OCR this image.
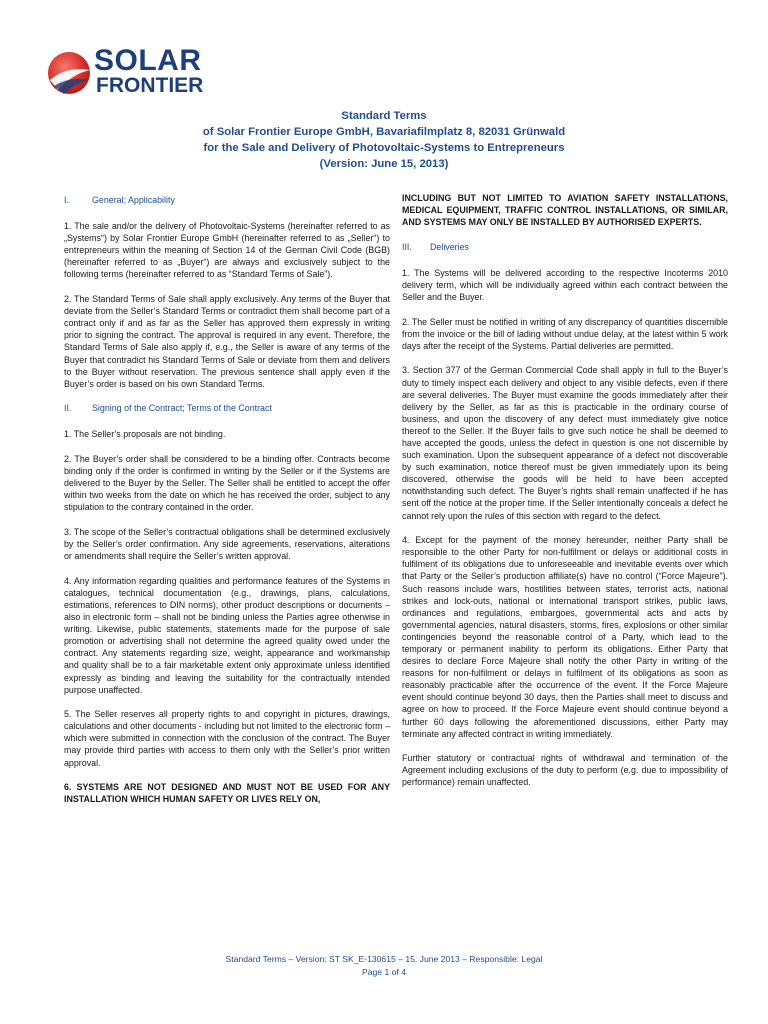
SOLAR
FRONTIER
Standard Terms
of Solar Frontier Europe GmbH, Bavariafilmplatz 8, 82031 Grünwald
for the Sale and Delivery of Photovoltaic-Systems to Entrepreneurs
(Version: June 15, 2013)
I.	General; Applicability

1. The sale and/or the delivery of Photovoltaic-Systems (hereinafter referred to as „Systems“) by Solar Frontier Europe GmbH (hereinafter referred to as „Seller“) to entrepreneurs within the meaning of Section 14 of the German Civil Code (BGB) (hereinafter referred to as „Buyer“) are always and exclusively subject to the following terms (hereinafter referred to as “Standard Terms of Sale”).

2. The Standard Terms of Sale shall apply exclusively. Any terms of the Buyer that deviate from the Seller’s Standard Terms or contradict them shall become part of a contract only if and as far as the Seller has approved them expressly in writing prior to signing the contract. The approval is required in any event. Therefore, the Standard Terms of Sale also apply if, e.g., the Seller is aware of any terms of the Buyer that contradict his Standard Terms of Sale or deviate from them and delivers to the Buyer without reservation. The previous sentence shall apply even if the Buyer’s order is based on his own Standard Terms.

II.	Signing of the Contract; Terms of the Contract

1. The Seller’s proposals are not binding.

2. The Buyer’s order shall be considered to be a binding offer. Contracts become binding only if the order is confirmed in writing by the Seller or if the Systems are delivered to the Buyer by the Seller. The Seller shall be entitled to accept the offer within two weeks from the date on which he has received the order, subject to any stipulation to the contrary contained in the order.

3. The scope of the Seller’s contractual obligations shall be determined exclusively by the Seller’s order confirmation. Any side agreements, reservations, alterations or amendments shall require the Seller’s written approval.

4. Any information regarding qualities and performance features of the Systems in catalogues, technical documentation (e.g., drawings, plans, calculations, estimations, references to DIN norms), other product descriptions or documents – also in electronic form – shall not be binding unless the Parties agree otherwise in writing. Likewise, public statements, statements made for the purpose of sale promotion or advertising shall not determine the agreed quality owed under the contract. Any statements regarding size, weight, appearance and workmanship and quality shall be to a fair marketable extent only approximate unless identified expressly as binding and leaving the suitability for the contractually intended purpose unaffected.

5. The Seller reserves all property rights to and copyright in pictures, drawings, calculations and other documents - including but not limited to the electronic form – which were submitted in connection with the conclusion of the contract. The Buyer may provide third parties with access to them only with the Seller’s prior written approval.

6. SYSTEMS ARE NOT DESIGNED AND MUST NOT BE USED FOR ANY INSTALLATION WHICH HUMAN SAFETY OR LIVES RELY ON,

INCLUDING BUT NOT LIMITED TO AVIATION SAFETY INSTALLATIONS, MEDICAL EQUIPMENT, TRAFFIC CONTROL INSTALLATIONS, OR SIMILAR, AND SYSTEMS MAY ONLY BE INSTALLED BY AUTHORISED EXPERTS.

III.	Deliveries

1. The Systems will be delivered according to the respective Incoterms 2010 delivery term, which will be individually agreed within each contract between the Seller and the Buyer.

2. The Seller must be notified in writing of any discrepancy of quantities discernible from the invoice or the bill of lading without undue delay, at the latest within 5 work days after the receipt of the Systems. Partial deliveries are permitted.

3. Section 377 of the German Commercial Code shall apply in full to the Buyer’s duty to timely inspect each delivery and object to any visible defects, even if there are several deliveries. The Buyer must examine the goods immediately after their delivery by the Seller, as far as this is practicable in the ordinary course of business, and upon the discovery of any defect must immediately give notice thereof to the Seller. If the Buyer fails to give such notice he shall be deemed to have accepted the goods, unless the defect in question is one not discernible by such examination. Upon the subsequent appearance of a defect not discoverable by such examination, notice thereof must be given immediately upon its being discovered, otherwise the goods will be held to have been accepted notwithstanding such defect. The Buyer’s rights shall remain unaffected if he has sent off the notice at the proper time. If the Seller intentionally conceals a defect he cannot rely upon the rules of this section with regard to the defect.

4. Except for the payment of the money hereunder, neither Party shall be responsible to the other Party for non-fulfilment or delays or additional costs in fulfilment of its obligations due to unforeseeable and inevitable events over which that Party or the Seller’s production affiliate(s) have no control (“Force Majeure”). Such reasons include wars, hostilities between states, terrorist acts, national strikes and lock-outs, national or international transport strikes, public laws, ordinances and regulations, embargoes, governmental acts and acts by governmental agencies, natural disasters, storms, fires, explosions or other similar contingencies beyond the reasonable control of a Party, which lead to the temporary or permanent inability to perform its obligations. Either Party that desires to declare Force Majeure shall notify the other Party in writing of the reasons for non-fulfilment or delays in fulfilment of its obligations as soon as reasonably practicable after the occurrence of the event. If the Force Majeure event should continue beyond 30 days, then the Parties shall meet to discuss and agree on how to proceed. If the Force Majeure event should continue beyond a further 60 days following the aforementioned discussions, either Party may terminate any affected contract in writing immediately.

Further statutory or contractual rights of withdrawal and termination of the Agreement including exclusions of the duty to perform (e.g. due to impossibility of performance) remain unaffected.

Standard Terms – Version: ST SK_E-130615 – 15. June 2013 – Responsible: Legal
Page 1 of 4
